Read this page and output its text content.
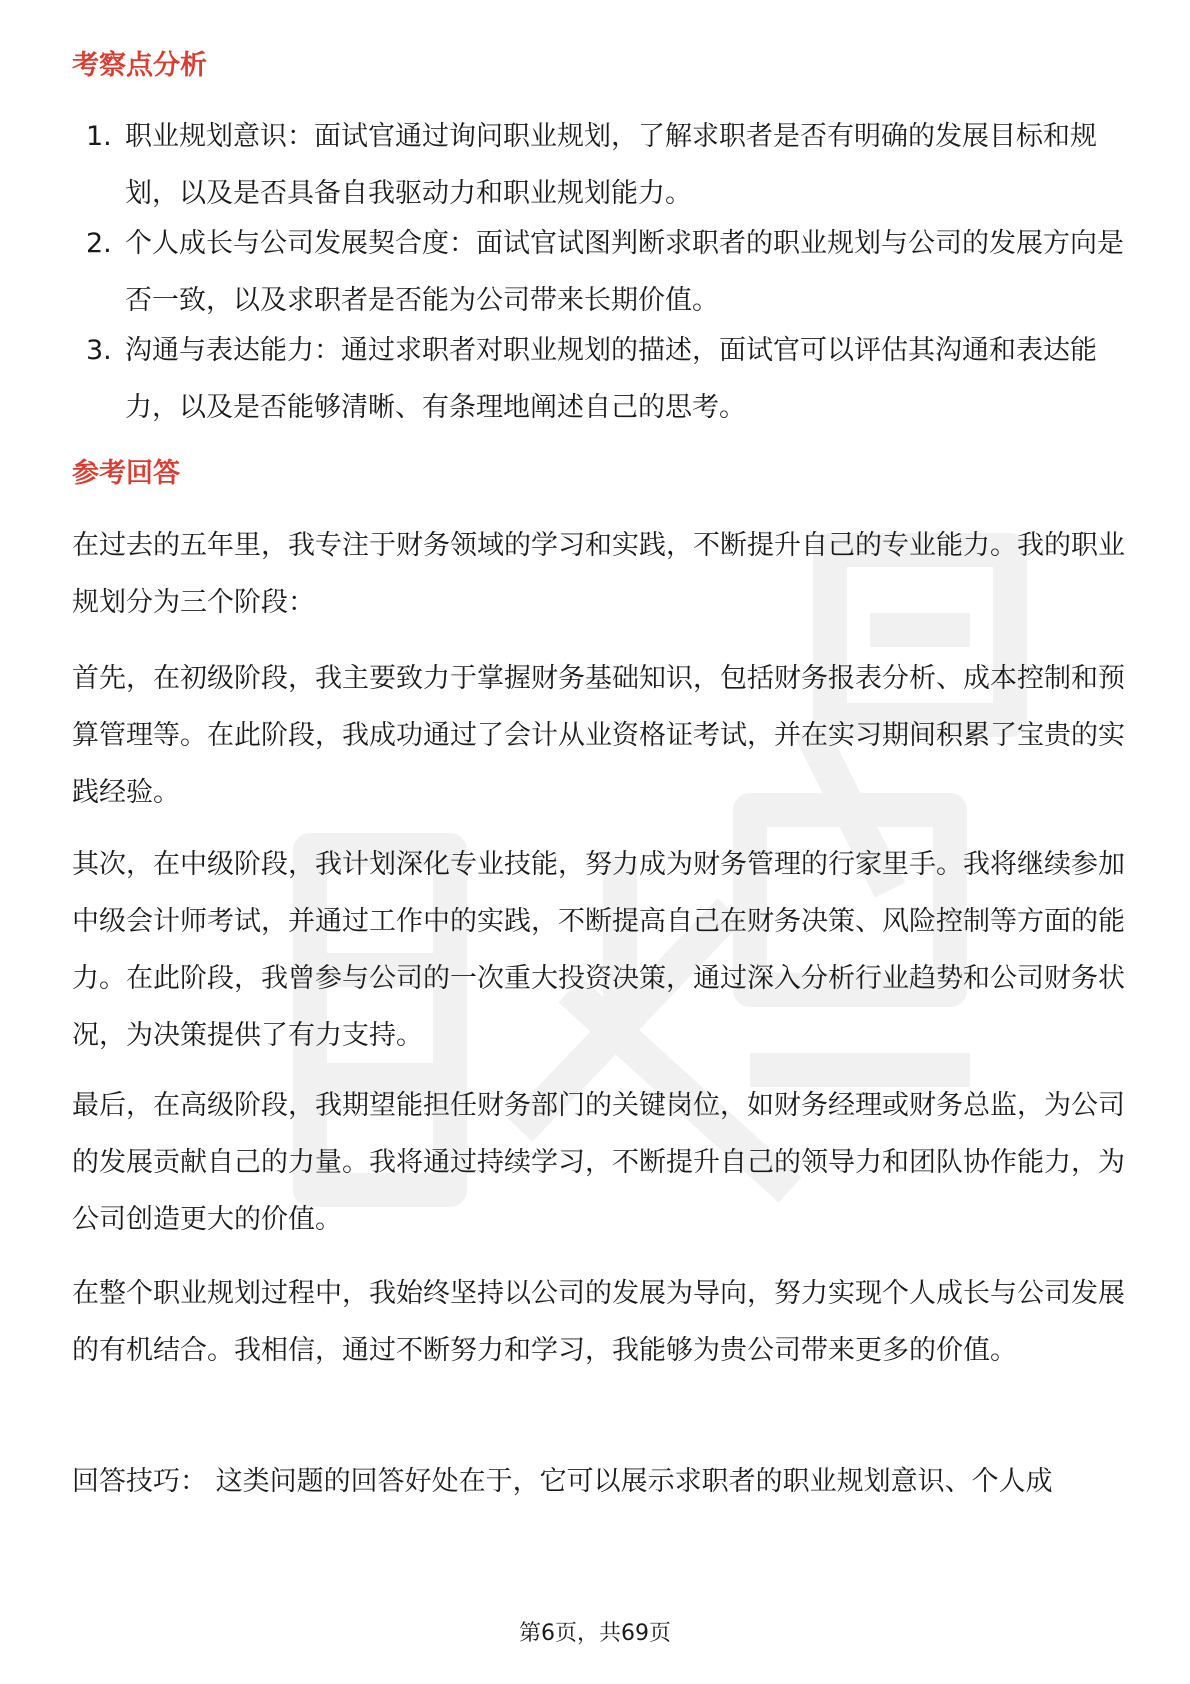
考察点分析
1. 职业规划意识：面试官通过询问职业规划，了解求职者是否有明确的发展目标和规划，以及是否具备自我驱动力和职业规划能力。
2. 个人成长与公司发展契合度：面试官试图判断求职者的职业规划与公司的发展方向是否一致，以及求职者是否能为公司带来长期价值。
3. 沟通与表达能力：通过求职者对职业规划的描述，面试官可以评估其沟通和表达能力，以及是否能够清晰、有条理地阐述自己的思考。
参考回答
在过去的五年里，我专注于财务领域的学习和实践，不断提升自己的专业能力。我的职业规划分为三个阶段：
首先，在初级阶段，我主要致力于掌握财务基础知识，包括财务报表分析、成本控制和预算管理等。在此阶段，我成功通过了会计从业资格证考试，并在实习期间积累了宝贵的实践经验。
其次，在中级阶段，我计划深化专业技能，努力成为财务管理的行家里手。我将继续参加中级会计师考试，并通过工作中的实践，不断提高自己在财务决策、风险控制等方面的能力。在此阶段，我曾参与公司的一次重大投资决策，通过深入分析行业趋势和公司财务状况，为决策提供了有力支持。
最后，在高级阶段，我期望能担任财务部门的关键岗位，如财务经理或财务总监，为公司的发展贡献自己的力量。我将通过持续学习，不断提升自己的领导力和团队协作能力，为公司创造更大的价值。
在整个职业规划过程中，我始终坚持以公司的发展为导向，努力实现个人成长与公司发展的有机结合。我相信，通过不断努力和学习，我能够为贵公司带来更多的价值。
回答技巧： 这类问题的回答好处在于，它可以展示求职者的职业规划意识、个人成
第6页，共69页
